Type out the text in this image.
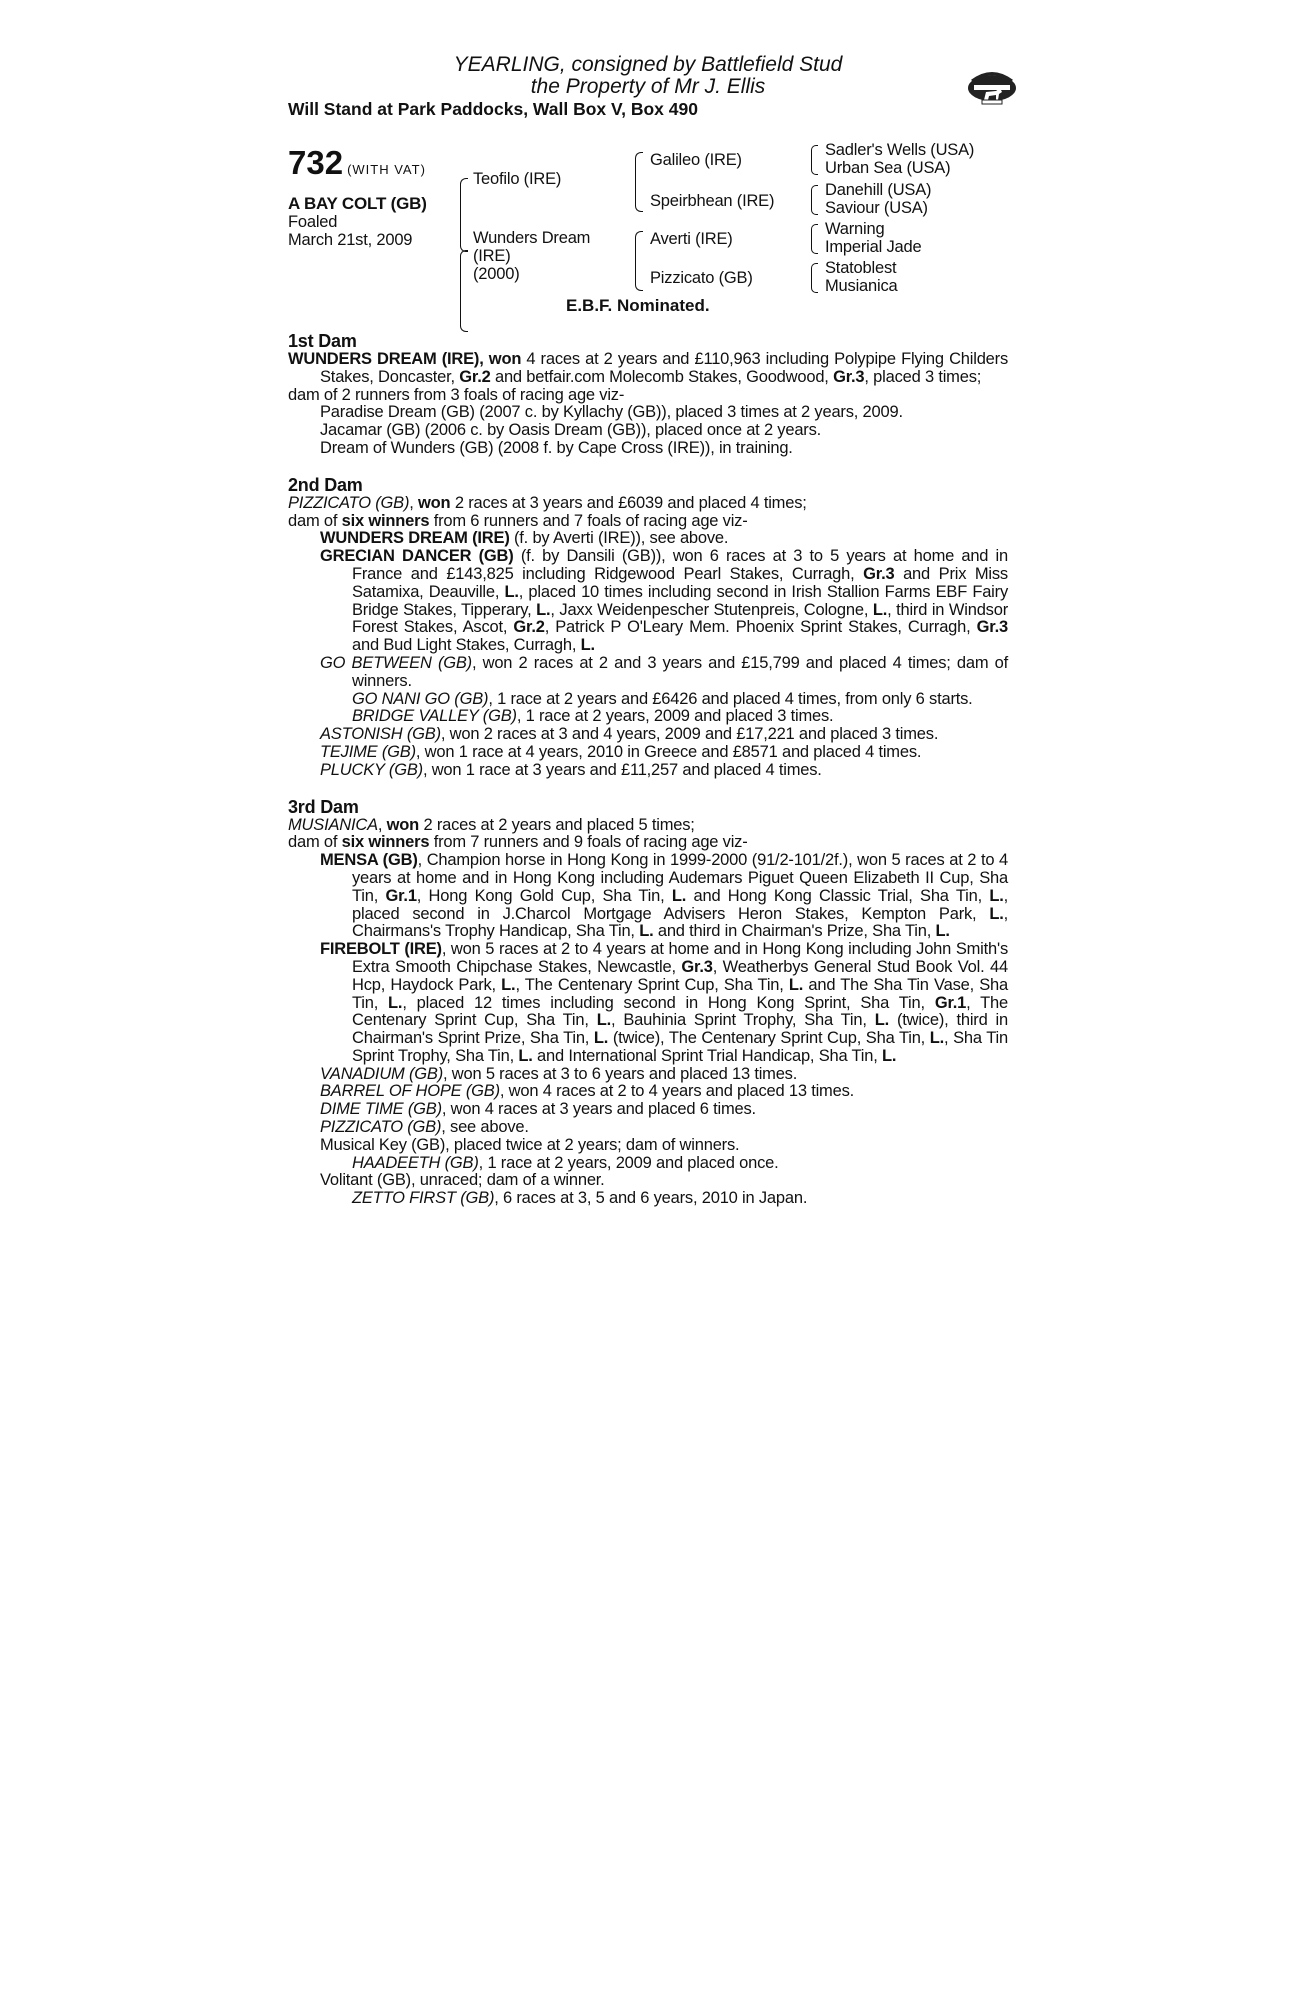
YEARLING, consigned by Battlefield Stud
the Property of Mr J. Ellis
Will Stand at Park Paddocks, Wall Box V, Box 490
732 (WITH VAT)
A BAY COLT (GB)
Foaled
March 21st, 2009
Teofilo (IRE)
Wunders Dream
(IRE)
(2000)
Galileo (IRE)
Speirbhean (IRE)
Averti (IRE)
Pizzicato (GB)
Sadler's Wells (USA)
Urban Sea (USA)
Danehill (USA)
Saviour (USA)
Warning
Imperial Jade
Statoblest
Musianica
E.B.F. Nominated.
1st Dam
WUNDERS DREAM (IRE), won 4 races at 2 years and £110,963 including Polypipe Flying Childers Stakes, Doncaster, Gr.2 and betfair.com Molecomb Stakes, Goodwood, Gr.3, placed 3 times;
dam of 2 runners from 3 foals of racing age viz-
Paradise Dream (GB) (2007 c. by Kyllachy (GB)), placed 3 times at 2 years, 2009.
Jacamar (GB) (2006 c. by Oasis Dream (GB)), placed once at 2 years.
Dream of Wunders (GB) (2008 f. by Cape Cross (IRE)), in training.
2nd Dam
PIZZICATO (GB), won 2 races at 3 years and £6039 and placed 4 times;
dam of six winners from 6 runners and 7 foals of racing age viz-
WUNDERS DREAM (IRE) (f. by Averti (IRE)), see above.
GRECIAN DANCER (GB) (f. by Dansili (GB)), won 6 races at 3 to 5 years at home and in France and £143,825 including Ridgewood Pearl Stakes, Curragh, Gr.3 and Prix Miss Satamixa, Deauville, L., placed 10 times including second in Irish Stallion Farms EBF Fairy Bridge Stakes, Tipperary, L., Jaxx Weidenpescher Stutenpreis, Cologne, L., third in Windsor Forest Stakes, Ascot, Gr.2, Patrick P O'Leary Mem. Phoenix Sprint Stakes, Curragh, Gr.3 and Bud Light Stakes, Curragh, L.
GO BETWEEN (GB), won 2 races at 2 and 3 years and £15,799 and placed 4 times; dam of winners.
GO NANI GO (GB), 1 race at 2 years and £6426 and placed 4 times, from only 6 starts.
BRIDGE VALLEY (GB), 1 race at 2 years, 2009 and placed 3 times.
ASTONISH (GB), won 2 races at 3 and 4 years, 2009 and £17,221 and placed 3 times.
TEJIME (GB), won 1 race at 4 years, 2010 in Greece and £8571 and placed 4 times.
PLUCKY (GB), won 1 race at 3 years and £11,257 and placed 4 times.
3rd Dam
MUSIANICA, won 2 races at 2 years and placed 5 times;
dam of six winners from 7 runners and 9 foals of racing age viz-
MENSA (GB), Champion horse in Hong Kong in 1999-2000 (91/2-101/2f.), won 5 races at 2 to 4 years at home and in Hong Kong including Audemars Piguet Queen Elizabeth II Cup, Sha Tin, Gr.1, Hong Kong Gold Cup, Sha Tin, L. and Hong Kong Classic Trial, Sha Tin, L., placed second in J.Charcol Mortgage Advisers Heron Stakes, Kempton Park, L., Chairmans's Trophy Handicap, Sha Tin, L. and third in Chairman's Prize, Sha Tin, L.
FIREBOLT (IRE), won 5 races at 2 to 4 years at home and in Hong Kong including John Smith's Extra Smooth Chipchase Stakes, Newcastle, Gr.3, Weatherbys General Stud Book Vol. 44 Hcp, Haydock Park, L., The Centenary Sprint Cup, Sha Tin, L. and The Sha Tin Vase, Sha Tin, L., placed 12 times including second in Hong Kong Sprint, Sha Tin, Gr.1, The Centenary Sprint Cup, Sha Tin, L., Bauhinia Sprint Trophy, Sha Tin, L. (twice), third in Chairman's Sprint Prize, Sha Tin, L. (twice), The Centenary Sprint Cup, Sha Tin, L., Sha Tin Sprint Trophy, Sha Tin, L. and International Sprint Trial Handicap, Sha Tin, L.
VANADIUM (GB), won 5 races at 3 to 6 years and placed 13 times.
BARREL OF HOPE (GB), won 4 races at 2 to 4 years and placed 13 times.
DIME TIME (GB), won 4 races at 3 years and placed 6 times.
PIZZICATO (GB), see above.
Musical Key (GB), placed twice at 2 years; dam of winners.
HAADEETH (GB), 1 race at 2 years, 2009 and placed once.
Volitant (GB), unraced; dam of a winner.
ZETTO FIRST (GB), 6 races at 3, 5 and 6 years, 2010 in Japan.
